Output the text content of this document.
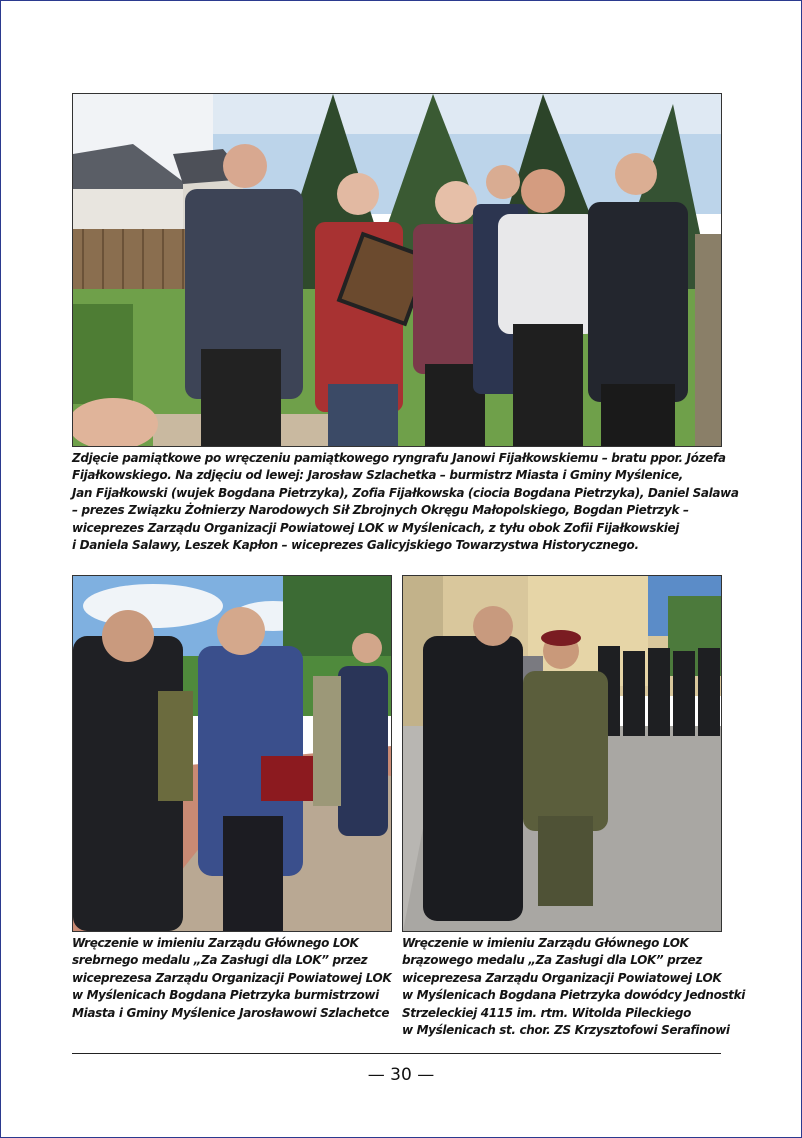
Zdjęcie pamiątkowe po wręczeniu pamiątkowego ryngrafu Janowi Fijałkowskiemu – bratu ppor. Józefa
Fijałkowskiego. Na zdjęciu od lewej: Jarosław Szlachetka – burmistrz Miasta i Gminy Myślenice,
Jan Fijałkowski (wujek Bogdana Pietrzyka), Zofia Fijałkowska (ciocia Bogdana Pietrzyka), Daniel Salawa
– prezes Związku Żołnierzy Narodowych Sił Zbrojnych Okręgu Małopolskiego, Bogdan Pietrzyk –
wiceprezes Zarządu Organizacji Powiatowej LOK w Myślenicach, z tyłu obok Zofii Fijałkowskiej
i Daniela Salawy, Leszek Kapłon – wiceprezes Galicyjskiego Towarzystwa Historycznego.

Wręczenie w imieniu Zarządu Głównego LOK
srebrnego medalu „Za Zasługi dla LOK” przez
wiceprezesa Zarządu Organizacji Powiatowej LOK
w Myślenicach Bogdana Pietrzyka burmistrzowi
Miasta i Gminy Myślenice Jarosławowi Szlachetce

Wręczenie w imieniu Zarządu Głównego LOK
brązowego medalu „Za Zasługi dla LOK” przez
wiceprezesa Zarządu Organizacji Powiatowej LOK
w Myślenicach Bogdana Pietrzyka dowódcy Jednostki
Strzeleckiej 4115 im. rtm. Witolda Pileckiego
w Myślenicach st. chor. ZS Krzysztofowi Serafinowi

— 30 —
